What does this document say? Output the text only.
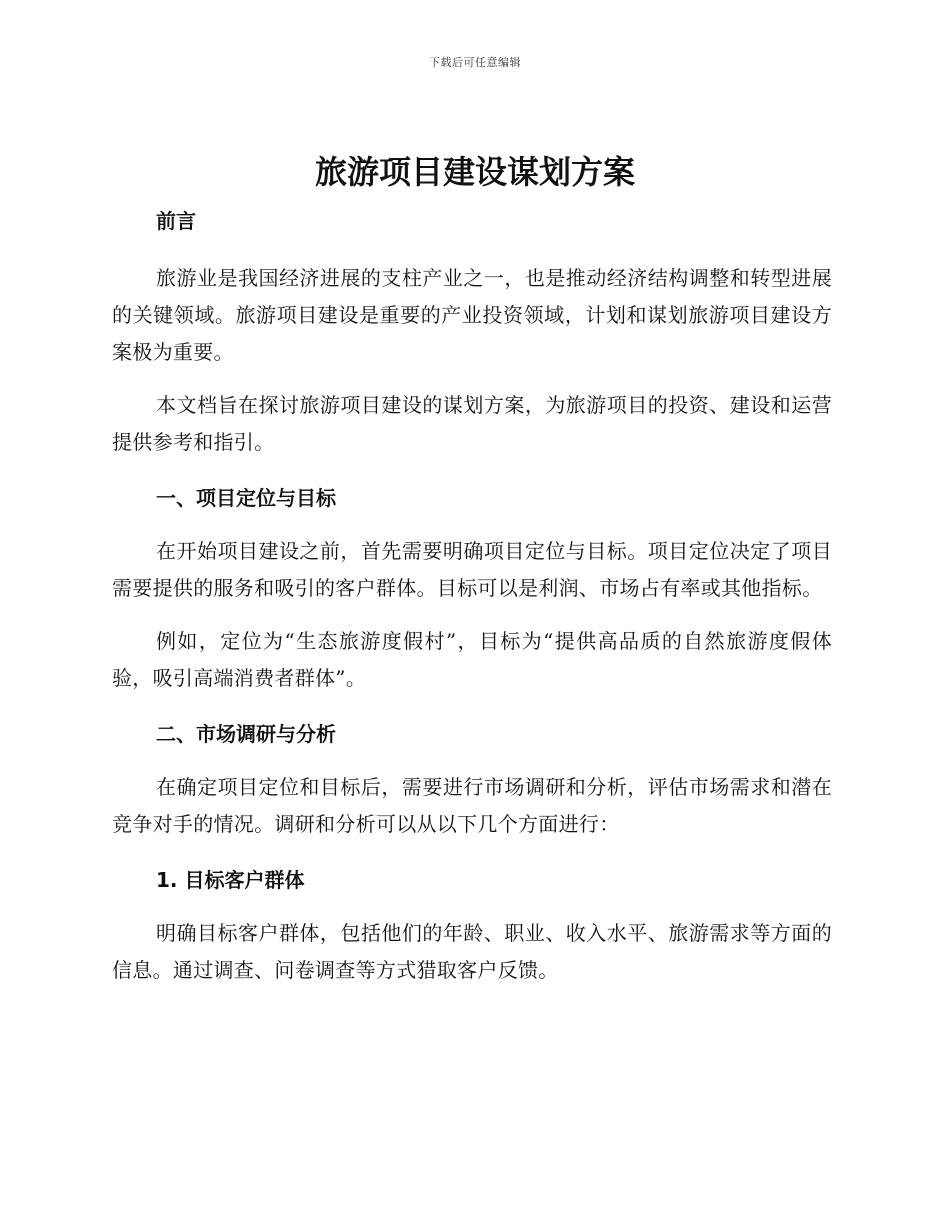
下载后可任意编辑
旅游项目建设谋划方案
前言

旅游业是我国经济进展的支柱产业之一，也是推动经济结构调整和转型进展的关键领域。旅游项目建设是重要的产业投资领域，计划和谋划旅游项目建设方案极为重要。

本文档旨在探讨旅游项目建设的谋划方案，为旅游项目的投资、建设和运营提供参考和指引。

一、项目定位与目标

在开始项目建设之前，首先需要明确项目定位与目标。项目定位决定了项目需要提供的服务和吸引的客户群体。目标可以是利润、市场占有率或其他指标。

例如，定位为“生态旅游度假村”，目标为“提供高品质的自然旅游度假体验，吸引高端消费者群体”。

二、市场调研与分析

在确定项目定位和目标后，需要进行市场调研和分析，评估市场需求和潜在竞争对手的情况。调研和分析可以从以下几个方面进行：

1. 目标客户群体

明确目标客户群体，包括他们的年龄、职业、收入水平、旅游需求等方面的信息。通过调查、问卷调查等方式猎取客户反馈。
